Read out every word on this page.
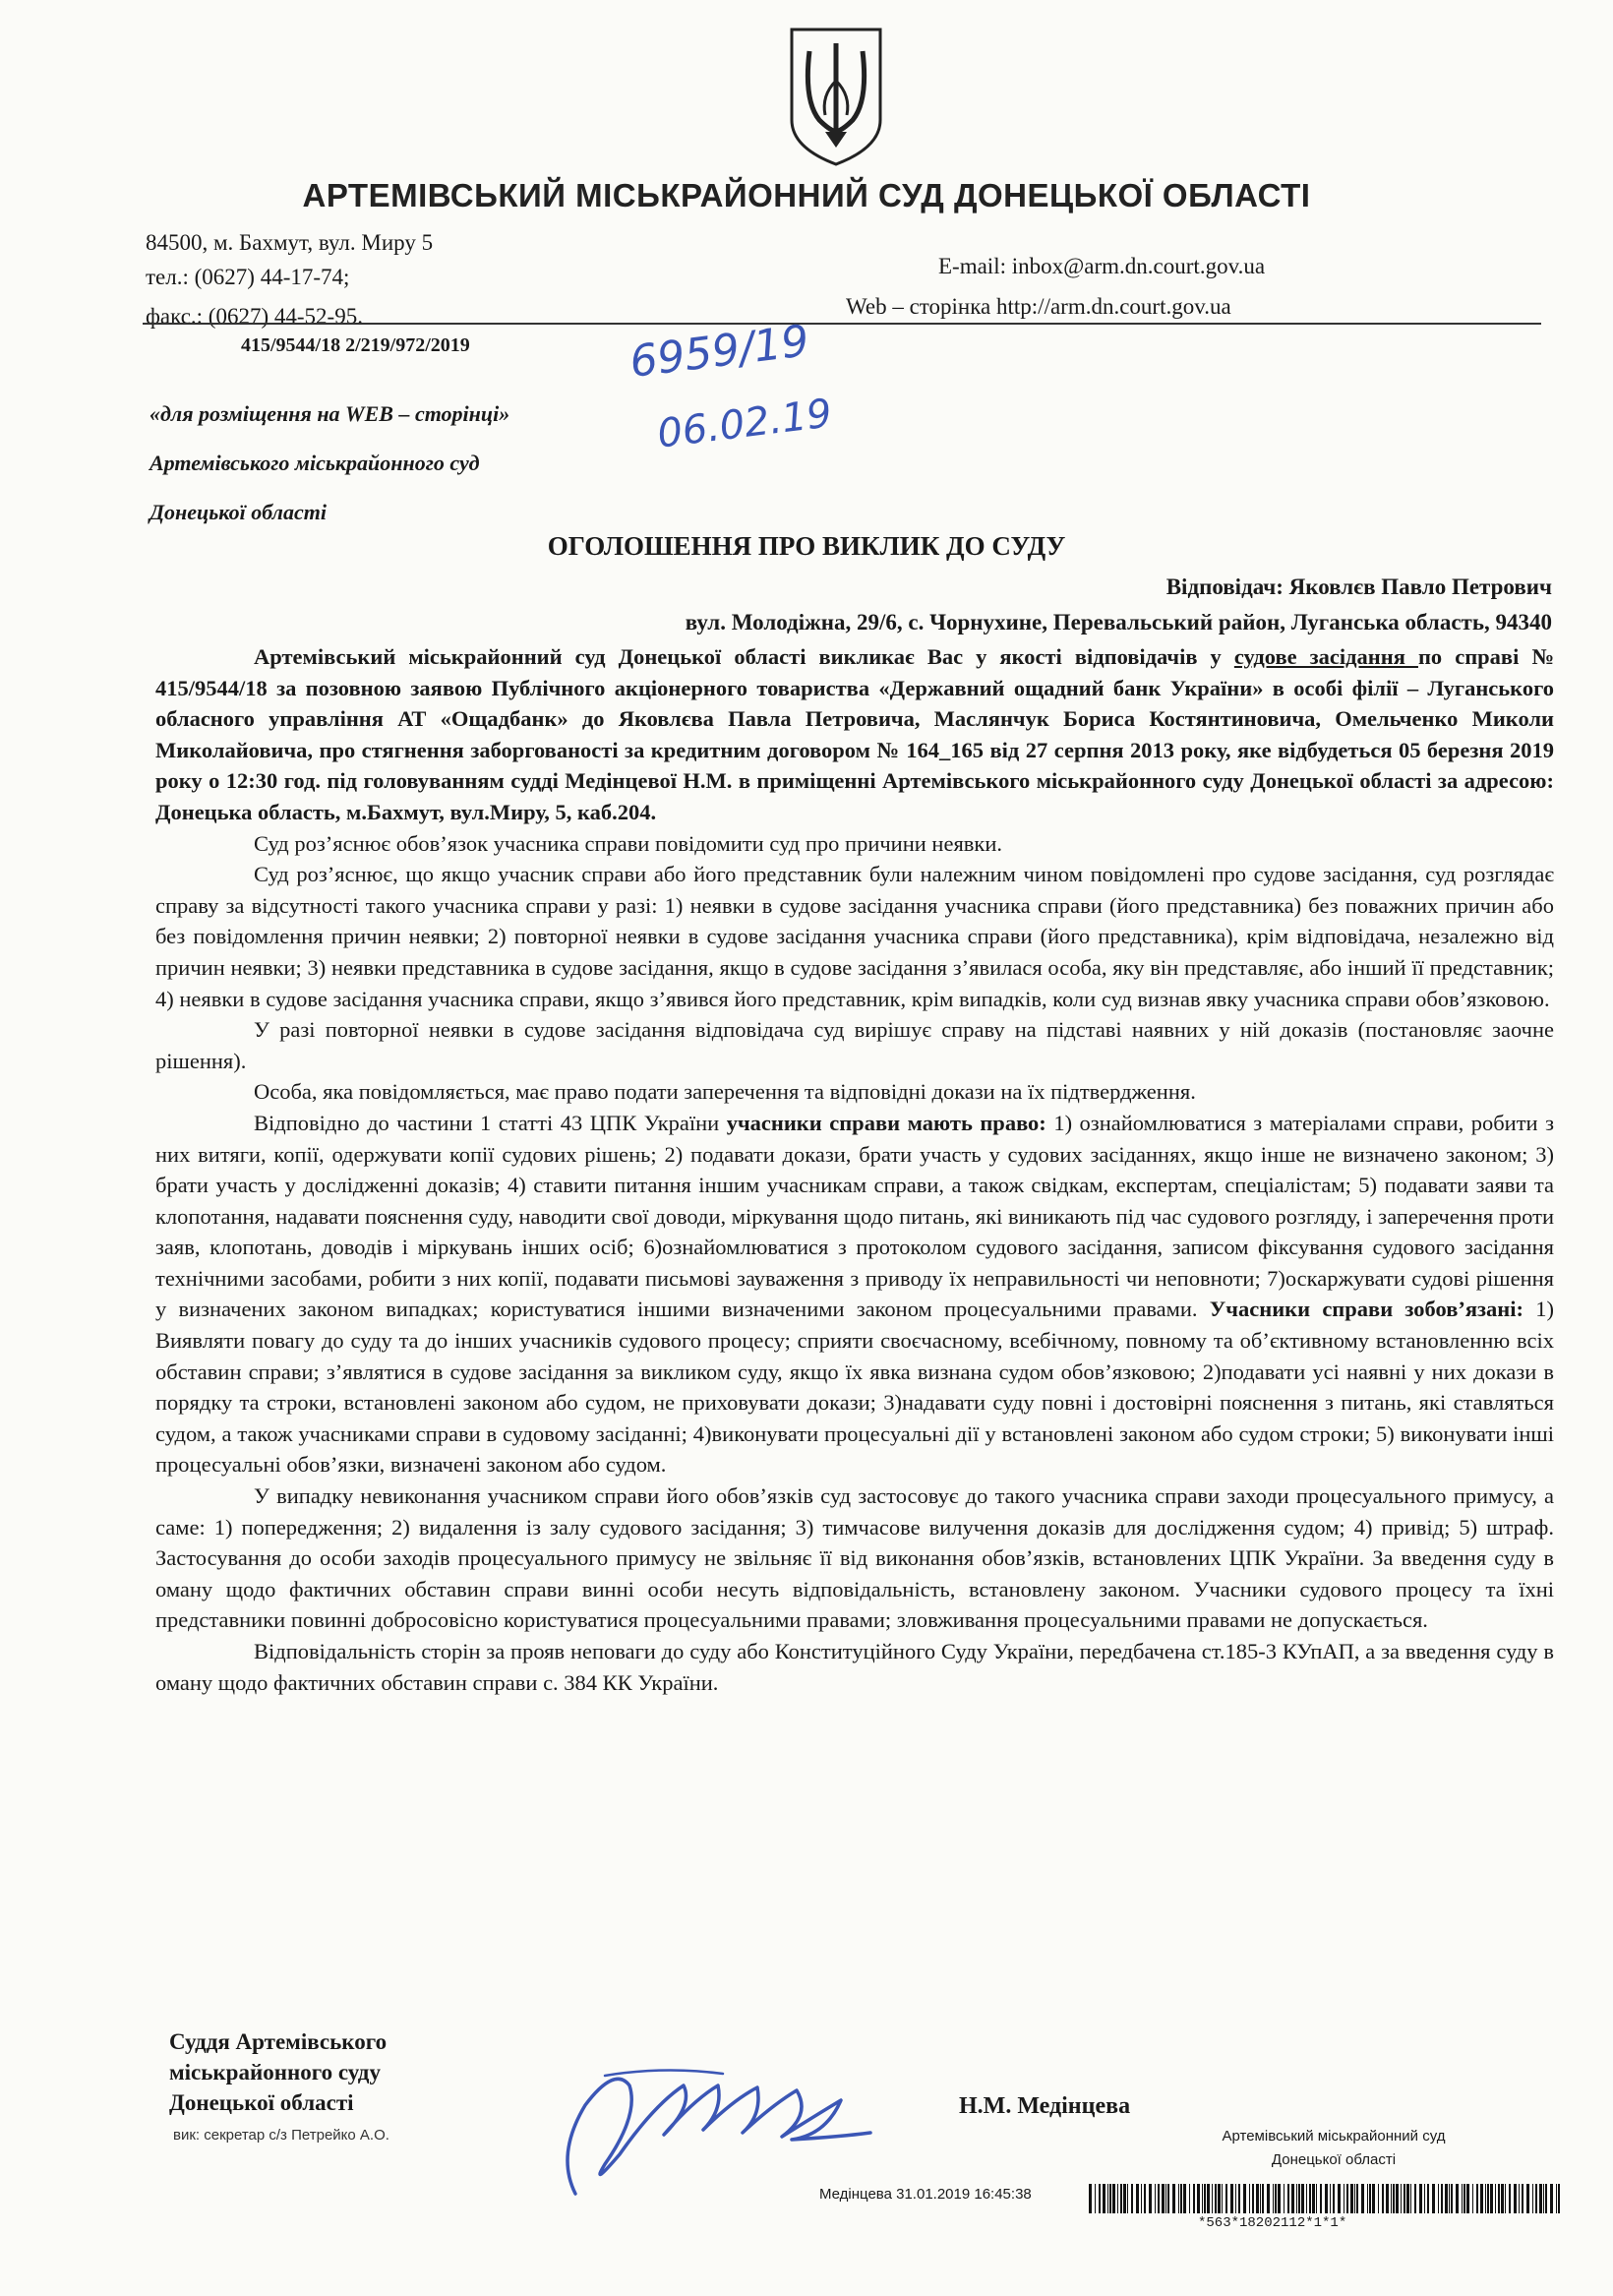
АРТЕМІВСЬКИЙ МІСЬКРАЙОННИЙ СУД ДОНЕЦЬКОЇ ОБЛАСТІ
84500, м. Бахмут, вул. Миру 5
тел.: (0627) 44-17-74;
факс.: (0627) 44-52-95.
E-mail: inbox@arm.dn.court.gov.ua
Web – сторінка http://arm.dn.court.gov.ua
415/9544/18 2/219/972/2019	6959/19
06.02.19
«для розміщення на WEB – сторінці»
Артемівського міськрайонного суд
Донецької області
ОГОЛОШЕННЯ ПРО ВИКЛИК ДО СУДУ
Відповідач: Яковлєв Павло Петрович
вул. Молодіжна, 29/6, с. Чорнухине, Перевальський район, Луганська область, 94340

Артемівський міськрайонний суд Донецької області викликає Вас у якості відповідачів у судове засідання по справі № 415/9544/18 за позовною заявою Публічного акціонерного товариства «Державний ощадний банк України» в особі філії – Луганського обласного управління АТ «Ощадбанк» до Яковлєва Павла Петровича, Маслянчук Бориса Костянтиновича, Омельченко Миколи Миколайовича, про стягнення заборгованості за кредитним договором № 164_165 від 27 серпня 2013 року, яке відбудеться 05 березня 2019 року о 12:30 год. під головуванням судді Медінцевої Н.М. в приміщенні Артемівського міськрайонного суду Донецької області за адресою: Донецька область, м.Бахмут, вул.Миру, 5, каб.204.

Суд роз’яснює обов’язок учасника справи повідомити суд про причини неявки.

Суд роз’яснює, що якщо учасник справи або його представник були належним чином повідомлені про судове засідання, суд розглядає справу за відсутності такого учасника справи у разі: 1) неявки в судове засідання учасника справи (його представника) без поважних причин або без повідомлення причин неявки; 2) повторної неявки в судове засідання учасника справи (його представника), крім відповідача, незалежно від причин неявки; 3) неявки представника в судове засідання, якщо в судове засідання з’явилася особа, яку він представляє, або інший її представник; 4) неявки в судове засідання учасника справи, якщо з’явився його представник, крім випадків, коли суд визнав явку учасника справи обов’язковою.

У разі повторної неявки в судове засідання відповідача суд вирішує справу на підставі наявних у ній доказів (постановляє заочне рішення).

Особа, яка повідомляється, має право подати заперечення та відповідні докази на їх підтвердження.

Відповідно до частини 1 статті 43 ЦПК України учасники справи мають право: 1) ознайомлюватися з матеріалами справи, робити з них витяги, копії, одержувати копії судових рішень; 2) подавати докази, брати участь у судових засіданнях, якщо інше не визначено законом; 3) брати участь у дослідженні доказів; 4) ставити питання іншим учасникам справи, а також свідкам, експертам, спеціалістам; 5) подавати заяви та клопотання, надавати пояснення суду, наводити свої доводи, міркування щодо питань, які виникають під час судового розгляду, і заперечення проти заяв, клопотань, доводів і міркувань інших осіб; 6)ознайомлюватися з протоколом судового засідання, записом фіксування судового засідання технічними засобами, робити з них копії, подавати письмові зауваження з приводу їх неправильності чи неповноти; 7)оскаржувати судові рішення у визначених законом випадках; користуватися іншими визначеними законом процесуальними правами. Учасники справи зобов’язані: 1) Виявляти повагу до суду та до інших учасників судового процесу; сприяти своєчасному, всебічному, повному та об’єктивному встановленню всіх обставин справи; з’являтися в судове засідання за викликом суду, якщо їх явка визнана судом обов’язковою; 2)подавати усі наявні у них докази в порядку та строки, встановлені законом або судом, не приховувати докази; 3)надавати суду повні і достовірні пояснення з питань, які ставляться судом, а також учасниками справи в судовому засіданні; 4)виконувати процесуальні дії у встановлені законом або судом строки; 5) виконувати інші процесуальні обов’язки, визначені законом або судом.

У випадку невиконання учасником справи його обов’язків суд застосовує до такого учасника справи заходи процесуального примусу, а саме: 1) попередження; 2) видалення із залу судового засідання; 3) тимчасове вилучення доказів для дослідження судом; 4) привід; 5) штраф. Застосування до особи заходів процесуального примусу не звільняє її від виконання обов’язків, встановлених ЦПК України. За введення суду в оману щодо фактичних обставин справи винні особи несуть відповідальність, встановлену законом. Учасники судового процесу та їхні представники повинні добросовісно користуватися процесуальними правами; зловживання процесуальними правами не допускається.

Відповідальність сторін за прояв неповаги до суду або Конституційного Суду України, передбачена ст.185-3 КУпАП, а за введення суду в оману щодо фактичних обставин справи с. 384 КК України.

Суддя Артемівського
міськрайонного суду
Донецької області
вик: секретар с/з Петрейко А.О.
Н.М. Медінцева
Артемівський міськрайонний суд
Донецької області
Медінцева 31.01.2019 16:45:38
*563*18202112*1*1*
